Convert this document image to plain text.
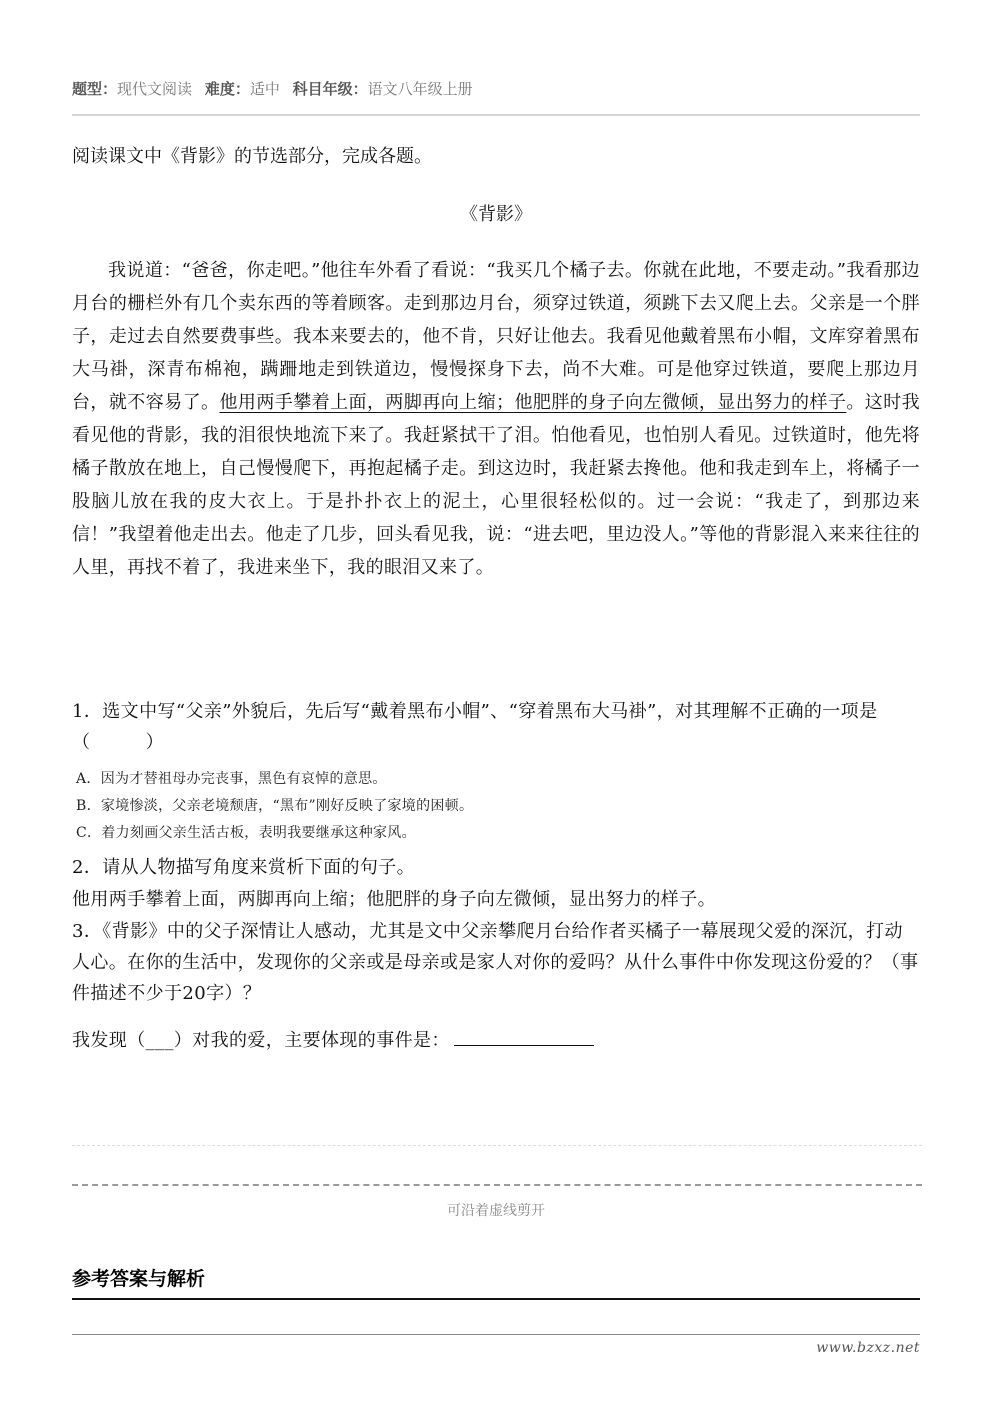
题型：现代文阅读 难度：适中 科目年级：语文八年级上册
阅读课文中《背影》的节选部分，完成各题。
《背影》
我说道：“爸爸，你走吧。”他往车外看了看说：“我买几个橘子去。你就在此地，不要走动。”我看那边月台的栅栏外有几个卖东西的等着顾客。走到那边月台，须穿过铁道，须跳下去又爬上去。父亲是一个胖子，走过去自然要费事些。我本来要去的，他不肯，只好让他去。我看见他戴着黑布小帽，文库穿着黑布大马褂，深青布棉袍，蹒跚地走到铁道边，慢慢探身下去，尚不大难。可是他穿过铁道，要爬上那边月台，就不容易了。他用两手攀着上面，两脚再向上缩；他肥胖的身子向左微倾，显出努力的样子。这时我看见他的背影，我的泪很快地流下来了。我赶紧拭干了泪。怕他看见，也怕别人看见。过铁道时，他先将橘子散放在地上，自己慢慢爬下，再抱起橘子走。到这边时，我赶紧去搀他。他和我走到车上，将橘子一股脑儿放在我的皮大衣上。于是扑扑衣上的泥土，心里很轻松似的。过一会说：“我走了，到那边来信！”我望着他走出去。他走了几步，回头看见我，说：“进去吧，里边没人。”等他的背影混入来来往往的人里，再找不着了，我进来坐下，我的眼泪又来了。
1．选文中写“父亲”外貌后，先后写“戴着黑布小帽”、“穿着黑布大马褂”，对其理解不正确的一项是（　　　）
A．因为才替祖母办完丧事，黑色有哀悼的意思。
B．家境惨淡，父亲老境颓唐，“黑布”刚好反映了家境的困顿。
C．着力刻画父亲生活古板，表明我要继承这种家风。
2．请从人物描写角度来赏析下面的句子。
他用两手攀着上面，两脚再向上缩；他肥胖的身子向左微倾，显出努力的样子。
3．《背影》中的父子深情让人感动，尤其是文中父亲攀爬月台给作者买橘子一幕展现父爱的深沉，打动人心。在你的生活中，发现你的父亲或是母亲或是家人对你的爱吗？从什么事件中你发现这份爱的？（事件描述不少于20字）？
我发现（___）对我的爱，主要体现的事件是：
可沿着虚线剪开
参考答案与解析
www.bzxz.net
